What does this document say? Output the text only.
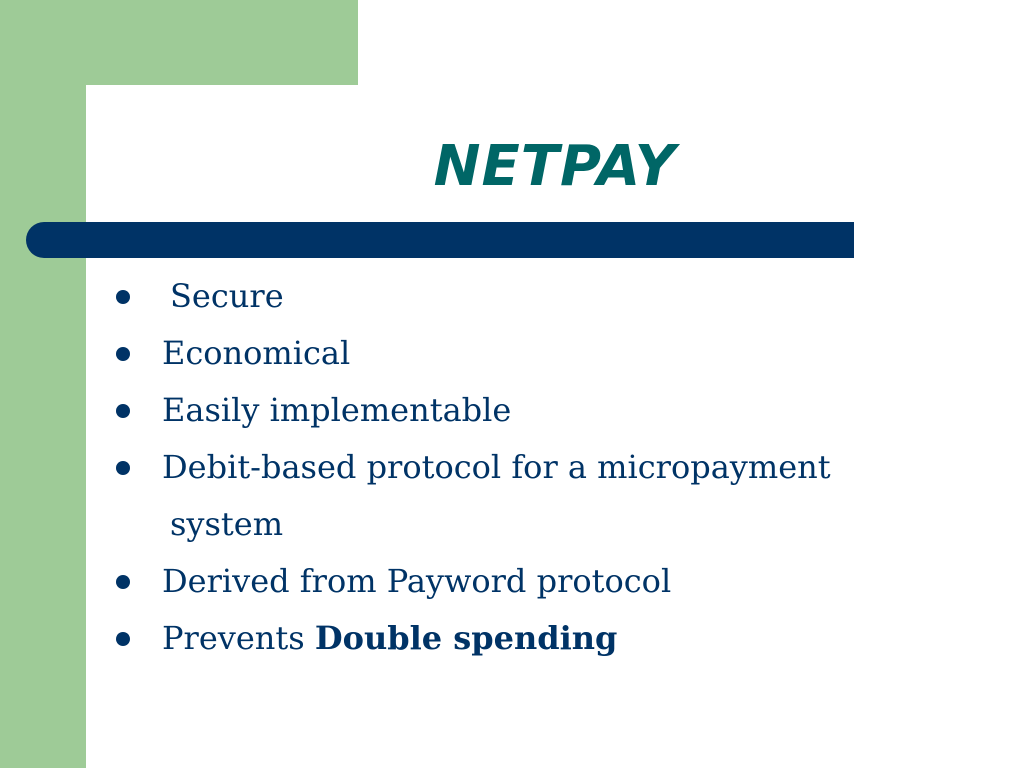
NETPAY
Secure
Economical
Easily implementable
Debit-based protocol for a micropayment
system
Derived from Payword protocol
Prevents Double spending
